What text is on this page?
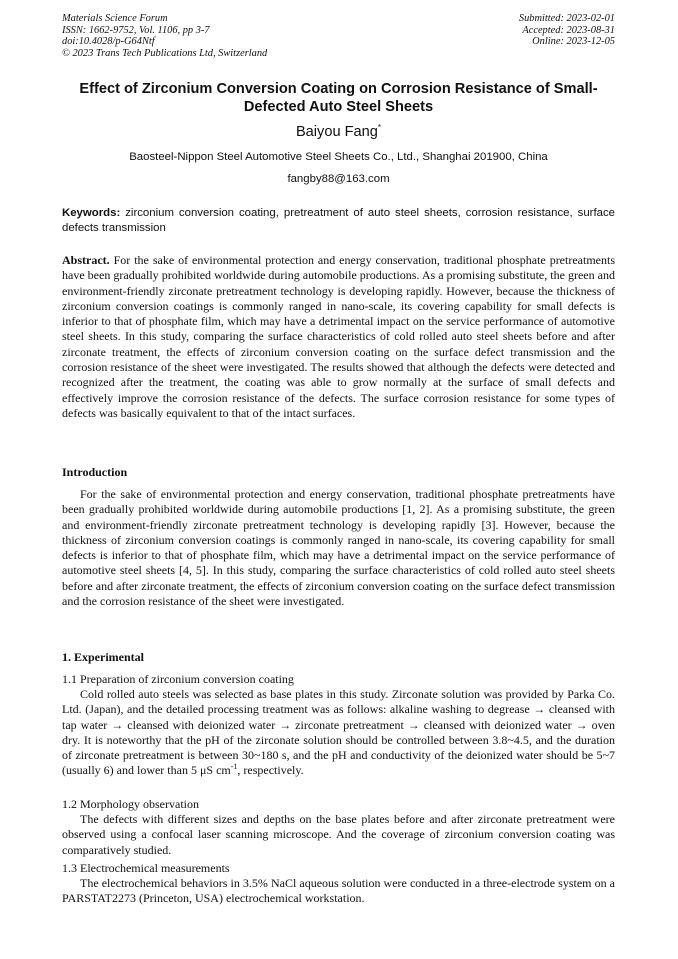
Materials Science Forum
ISSN: 1662-9752, Vol. 1106, pp 3-7
doi:10.4028/p-G64Ntf
© 2023 Trans Tech Publications Ltd, Switzerland
Submitted: 2023-02-01
Accepted: 2023-08-31
Online: 2023-12-05
Effect of Zirconium Conversion Coating on Corrosion Resistance of Small-Defected Auto Steel Sheets
Baiyou Fang*
Baosteel-Nippon Steel Automotive Steel Sheets Co., Ltd., Shanghai 201900, China
fangby88@163.com
Keywords: zirconium conversion coating, pretreatment of auto steel sheets, corrosion resistance, surface defects transmission

Abstract. For the sake of environmental protection and energy conservation, traditional phosphate pretreatments have been gradually prohibited worldwide during automobile productions. As a promising substitute, the green and environment-friendly zirconate pretreatment technology is developing rapidly. However, because the thickness of zirconium conversion coatings is commonly ranged in nano-scale, its covering capability for small defects is inferior to that of phosphate film, which may have a detrimental impact on the service performance of automotive steel sheets. In this study, comparing the surface characteristics of cold rolled auto steel sheets before and after zirconate treatment, the effects of zirconium conversion coating on the surface defect transmission and the corrosion resistance of the sheet were investigated. The results showed that although the defects were detected and recognized after the treatment, the coating was able to grow normally at the surface of small defects and effectively improve the corrosion resistance of the defects. The surface corrosion resistance for some types of defects was basically equivalent to that of the intact surfaces.

Introduction

For the sake of environmental protection and energy conservation, traditional phosphate pretreatments have been gradually prohibited worldwide during automobile productions [1, 2]. As a promising substitute, the green and environment-friendly zirconate pretreatment technology is developing rapidly [3]. However, because the thickness of zirconium conversion coatings is commonly ranged in nano-scale, its covering capability for small defects is inferior to that of phosphate film, which may have a detrimental impact on the service performance of automotive steel sheets [4, 5]. In this study, comparing the surface characteristics of cold rolled auto steel sheets before and after zirconate treatment, the effects of zirconium conversion coating on the surface defect transmission and the corrosion resistance of the sheet were investigated.

1. Experimental
1.1 Preparation of zirconium conversion coating

Cold rolled auto steels was selected as base plates in this study. Zirconate solution was provided by Parka Co. Ltd. (Japan), and the detailed processing treatment was as follows: alkaline washing to degrease → cleansed with tap water → cleansed with deionized water → zirconate pretreatment → cleansed with deionized water → oven dry. It is noteworthy that the pH of the zirconate solution should be controlled between 3.8~4.5, and the duration of zirconate pretreatment is between 30~180 s, and the pH and conductivity of the deionized water should be 5~7 (usually 6) and lower than 5 μS $cm^{-1}$, respectively.

1.2 Morphology observation

The defects with different sizes and depths on the base plates before and after zirconate pretreatment were observed using a confocal laser scanning microscope. And the coverage of zirconium conversion coating was comparatively studied.

1.3 Electrochemical measurements

The electrochemical behaviors in 3.5% NaCl aqueous solution were conducted in a three-electrode system on a PARSTAT2273 (Princeton, USA) electrochemical workstation.
